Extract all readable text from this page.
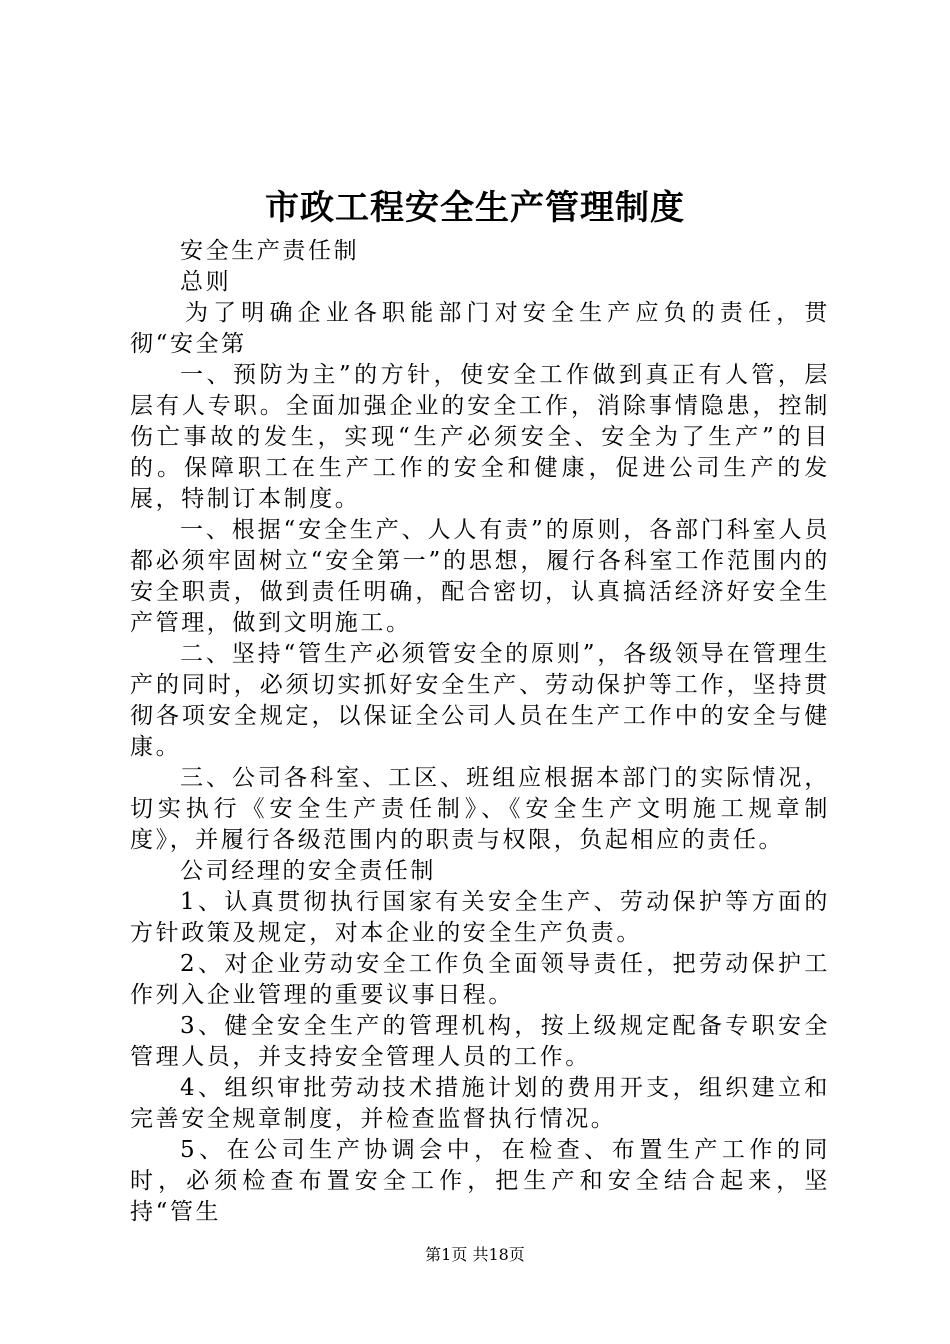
市政工程安全生产管理制度

安全生产责任制

总则

为了明确企业各职能部门对安全生产应负的责任，贯彻“安全第

一、预防为主”的方针，使安全工作做到真正有人管，层层有人专职。全面加强企业的安全工作，消除事情隐患，控制伤亡事故的发生，实现“生产必须安全、安全为了生产”的目的。保障职工在生产工作的安全和健康，促进公司生产的发展，特制订本制度。

一、根据“安全生产、人人有责”的原则，各部门科室人员都必须牢固树立“安全第一”的思想，履行各科室工作范围内的安全职责，做到责任明确，配合密切，认真搞活经济好安全生产管理，做到文明施工。

二、坚持“管生产必须管安全的原则”，各级领导在管理生产的同时，必须切实抓好安全生产、劳动保护等工作，坚持贯彻各项安全规定，以保证全公司人员在生产工作中的安全与健康。

三、公司各科室、工区、班组应根据本部门的实际情况，切实执行《安全生产责任制》、《安全生产文明施工规章制度》，并履行各级范围内的职责与权限，负起相应的责任。

公司经理的安全责任制

1、认真贯彻执行国家有关安全生产、劳动保护等方面的方针政策及规定，对本企业的安全生产负责。

2、对企业劳动安全工作负全面领导责任，把劳动保护工作列入企业管理的重要议事日程。

3、健全安全生产的管理机构，按上级规定配备专职安全管理人员，并支持安全管理人员的工作。

4、组织审批劳动技术措施计划的费用开支，组织建立和完善安全规章制度，并检查监督执行情况。

5、在公司生产协调会中，在检查、布置生产工作的同时，必须检查布置安全工作，把生产和安全结合起来，坚持“管生

第1页 共18页
